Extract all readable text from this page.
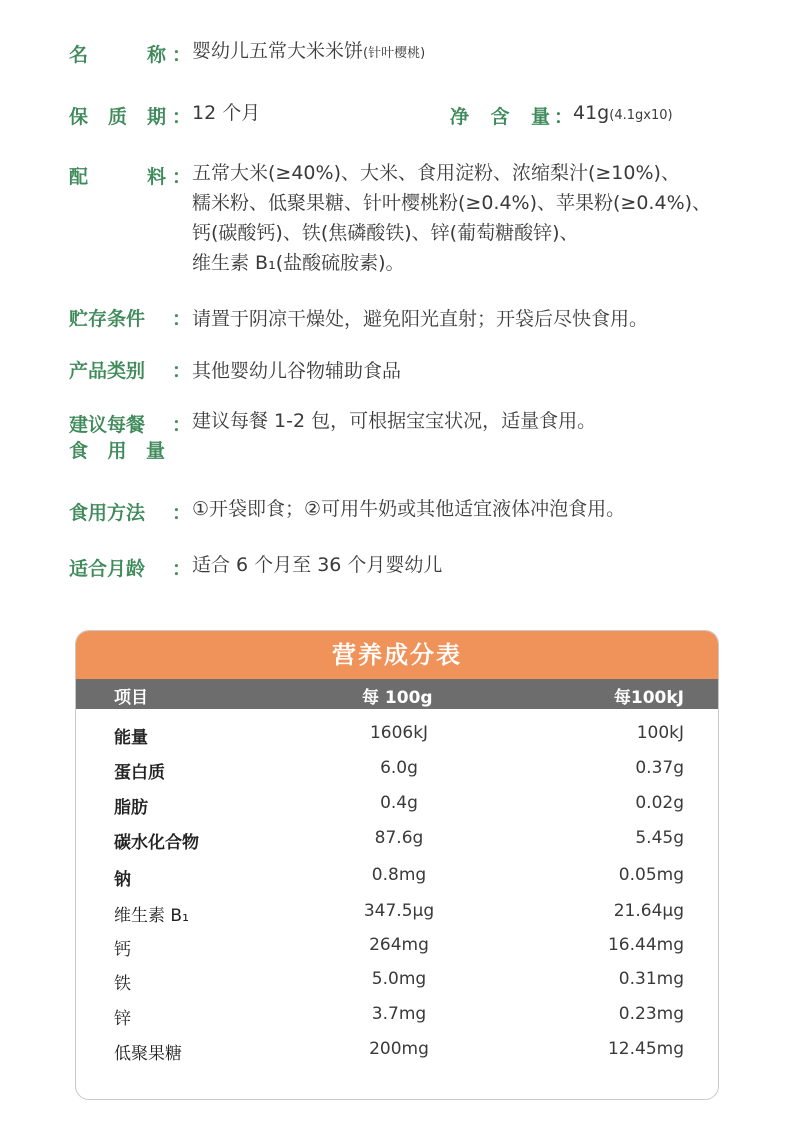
名	称 ： 婴幼儿五常大米米饼(针叶樱桃)
保 质 期 ： 12 个月	净 含 量 ： 41g(4.1gx10)
配	料 ： 五常大米(≥40%)、大米、食用淀粉、浓缩梨汁(≥10%)、
糯米粉、低聚果糖、针叶樱桃粉(≥0.4%)、苹果粉(≥0.4%)、
钙(碳酸钙)、铁(焦磷酸铁)、锌(葡萄糖酸锌)、
维生素 B₁(盐酸硫胺素)。
贮存条件 ： 请置于阴凉干燥处，避免阳光直射；开袋后尽快食用。
产品类别 ： 其他婴幼儿谷物辅助食品
建议每餐
食 用 量
： 建议每餐 1-2 包，可根据宝宝状况，适量食用。
食用方法 ： ①开袋即食；②可用牛奶或其他适宜液体冲泡食用。
适合月龄 ： 适合 6 个月至 36 个月婴幼儿
营养成分表
项目	每 100g	每100kJ
能量	1606kJ	100kJ
蛋白质	6.0g	0.37g
脂肪	0.4g	0.02g
碳水化合物	87.6g	5.45g
钠	0.8mg	0.05mg
维生素 B₁	347.5μg	21.64μg
钙	264mg	16.44mg
铁	5.0mg	0.31mg
锌	3.7mg	0.23mg
低聚果糖	200mg	12.45mg
